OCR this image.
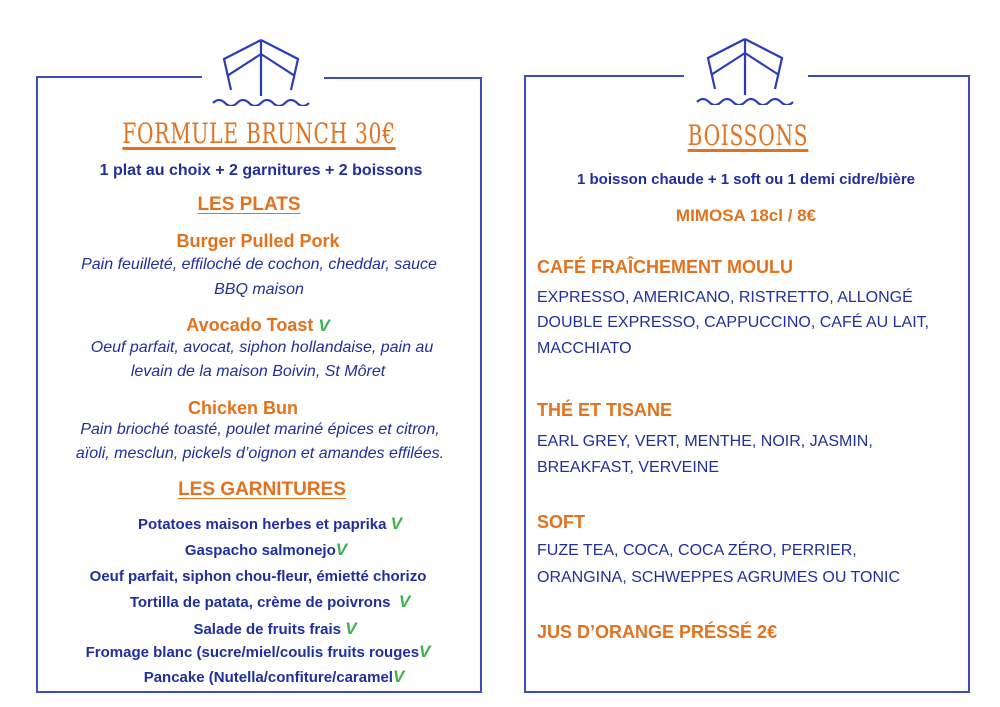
FORMULE BRUNCH 30€
1 plat au choix + 2 garnitures + 2 boissons
LES PLATS
Burger Pulled Pork
Pain feuilleté, effiloché de cochon, cheddar, sauce
BBQ maison
Avocado Toast V
Oeuf parfait, avocat, siphon hollandaise, pain au
levain de la maison Boivin, St Môret
Chicken Bun
Pain brioché toasté, poulet mariné épices et citron,
aïoli, mesclun, pickels d’oignon et amandes effilées.
LES GARNITURES
Potatoes maison herbes et paprika V
Gaspacho salmonejoV
Oeuf parfait, siphon chou-fleur, émietté chorizo
Tortilla de patata, crème de poivrons V
Salade de fruits frais V
Fromage blanc (sucre/miel/coulis fruits rougesV
Pancake (Nutella/confiture/caramelV
BOISSONS
1 boisson chaude + 1 soft ou 1 demi cidre/bière
MIMOSA 18cl / 8€
CAFÉ FRAÎCHEMENT MOULU
EXPRESSO, AMERICANO, RISTRETTO, ALLONGÉ
DOUBLE EXPRESSO, CAPPUCCINO, CAFÉ AU LAIT,
MACCHIATO
THÉ ET TISANE
EARL GREY, VERT, MENTHE, NOIR, JASMIN,
BREAKFAST, VERVEINE
SOFT
FUZE TEA, COCA, COCA ZÉRO, PERRIER,
ORANGINA, SCHWEPPES AGRUMES OU TONIC
JUS D’ORANGE PRÉSSÉ 2€
